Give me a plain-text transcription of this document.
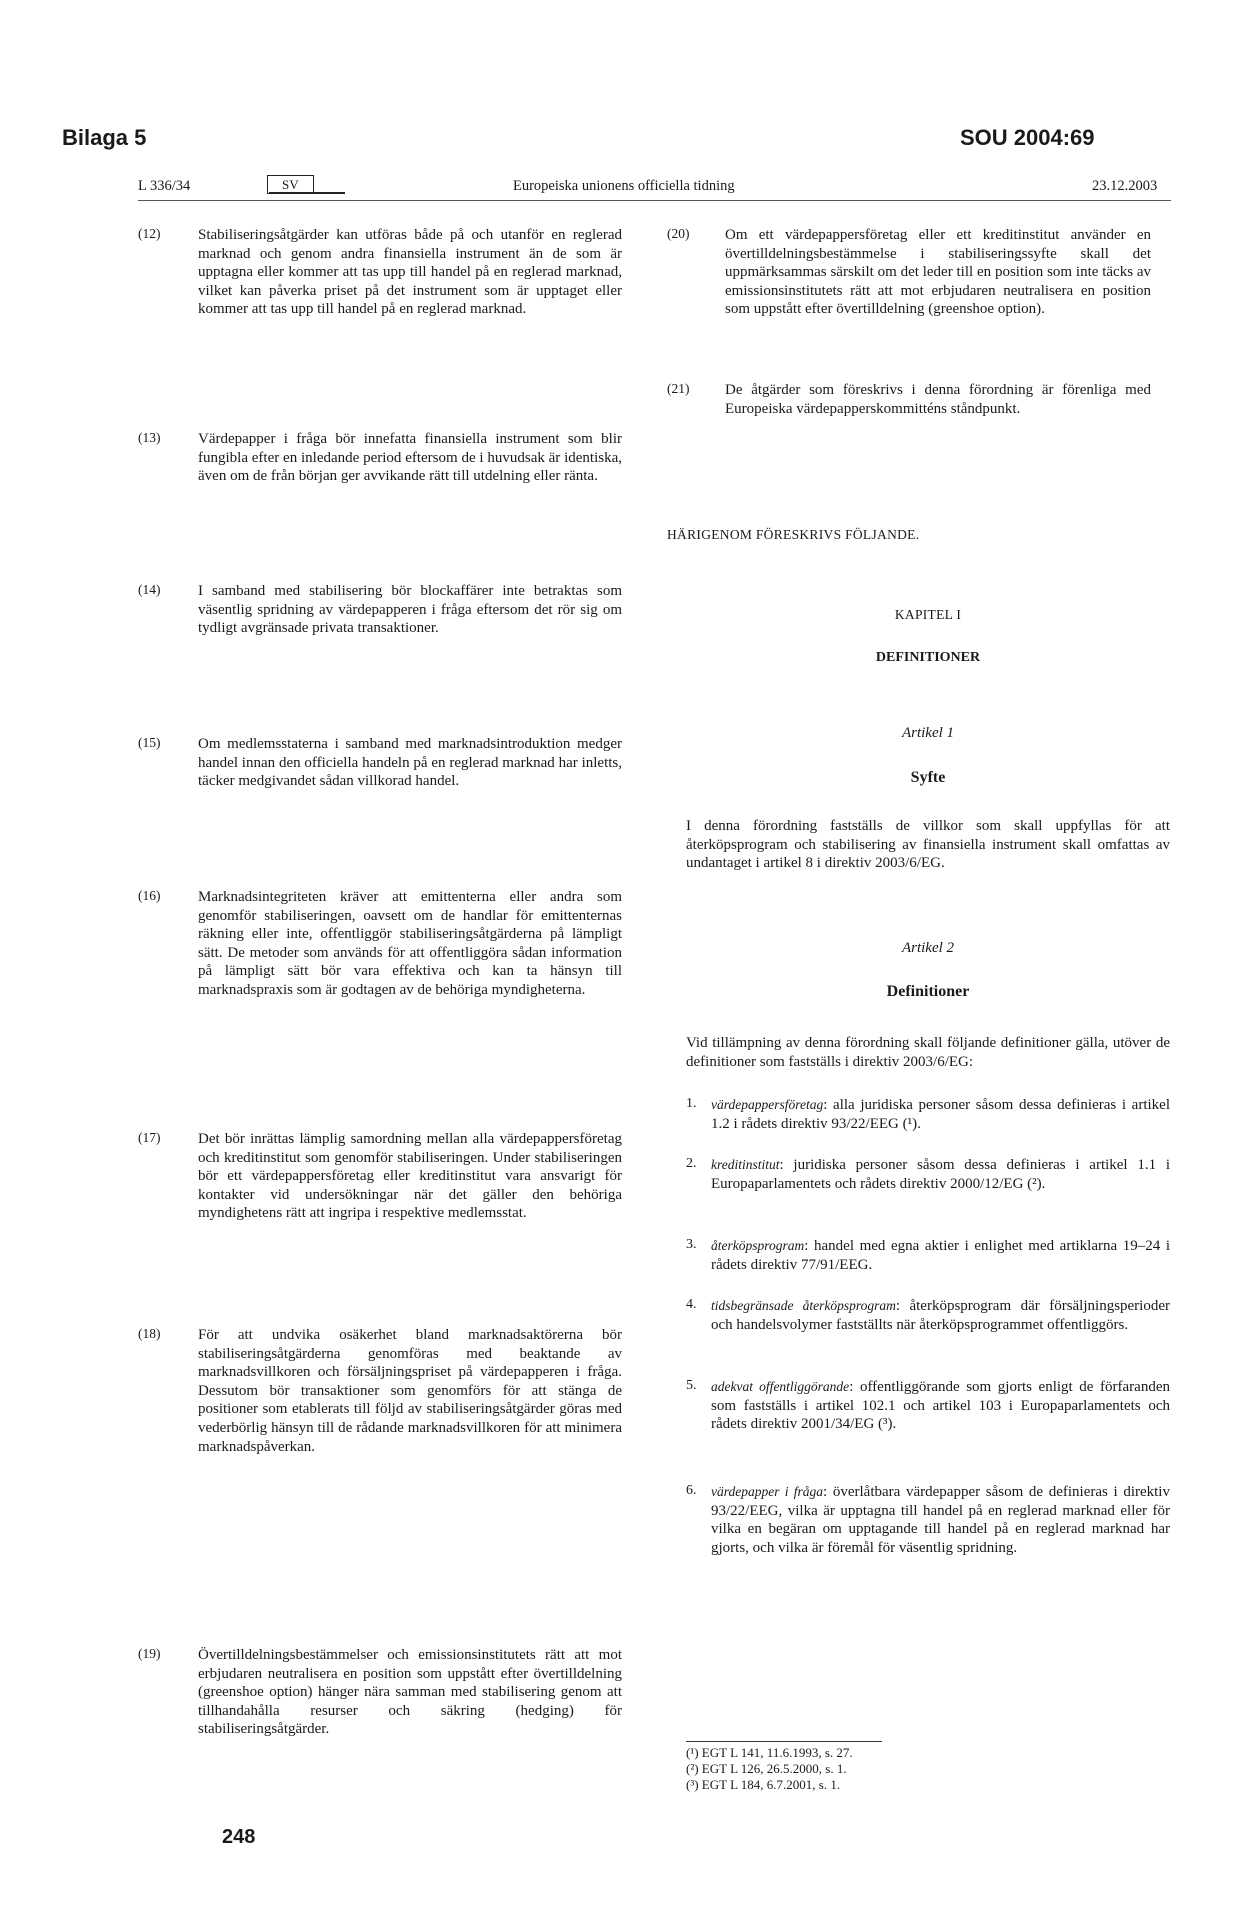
Bilaga 5	SOU 2004:69
L 336/34	SV	Europeiska unionens officiella tidning	23.12.2003
(12)	Stabiliseringsåtgärder kan utföras både på och utanför en reglerad marknad och genom andra finansiella instrument än de som är upptagna eller kommer att tas upp till handel på en reglerad marknad, vilket kan påverka priset på det instrument som är upptaget eller kommer att tas upp till handel på en reglerad marknad.
(13)	Värdepapper i fråga bör innefatta finansiella instrument som blir fungibla efter en inledande period eftersom de i huvudsak är identiska, även om de från början ger avvikande rätt till utdelning eller ränta.
(14)	I samband med stabilisering bör blockaffärer inte betraktas som väsentlig spridning av värdepapperen i fråga eftersom det rör sig om tydligt avgränsade privata transaktioner.
(15)	Om medlemsstaterna i samband med marknadsintroduktion medger handel innan den officiella handeln på en reglerad marknad har inletts, täcker medgivandet sådan villkorad handel.
(16)	Marknadsintegriteten kräver att emittenterna eller andra som genomför stabiliseringen, oavsett om de handlar för emittenternas räkning eller inte, offentliggör stabiliseringsåtgärderna på lämpligt sätt. De metoder som används för att offentliggöra sådan information på lämpligt sätt bör vara effektiva och kan ta hänsyn till marknadspraxis som är godtagen av de behöriga myndigheterna.
(17)	Det bör inrättas lämplig samordning mellan alla värdepappersföretag och kreditinstitut som genomför stabiliseringen. Under stabiliseringen bör ett värdepappersföretag eller kreditinstitut vara ansvarigt för kontakter vid undersökningar när det gäller den behöriga myndighetens rätt att ingripa i respektive medlemsstat.
(18)	För att undvika osäkerhet bland marknadsaktörerna bör stabiliseringsåtgärderna genomföras med beaktande av marknadsvillkoren och försäljningspriset på värdepapperen i fråga. Dessutom bör transaktioner som genomförs för att stänga de positioner som etablerats till följd av stabiliseringsåtgärder göras med vederbörlig hänsyn till de rådande marknadsvillkoren för att minimera marknadspåverkan.
(19)	Övertilldelningsbestämmelser och emissionsinstitutets rätt att mot erbjudaren neutralisera en position som uppstått efter övertilldelning (greenshoe option) hänger nära samman med stabilisering genom att tillhandahålla resurser och säkring (hedging) för stabiliseringsåtgärder.
(20) Om ett värdepappersföretag eller ett kreditinstitut använder en övertilldelningsbestämmelse i stabiliseringssyfte skall det uppmärksammas särskilt om det leder till en position som inte täcks av emissionsinstitutets rätt att mot erbjudaren neutralisera en position som uppstått efter övertilldelning (greenshoe option).
(21) De åtgärder som föreskrivs i denna förordning är förenliga med Europeiska värdepapperskommitténs ståndpunkt.
HÄRIGENOM FÖRESKRIVS FÖLJANDE.
KAPITEL I
DEFINITIONER
Artikel 1
Syfte
I denna förordning fastställs de villkor som skall uppfyllas för att återköpsprogram och stabilisering av finansiella instrument skall omfattas av undantaget i artikel 8 i direktiv 2003/6/EG.
Artikel 2
Definitioner
Vid tillämpning av denna förordning skall följande definitioner gälla, utöver de definitioner som fastställs i direktiv 2003/6/EG:
1. värdepappersföretag: alla juridiska personer såsom dessa definieras i artikel 1.2 i rådets direktiv 93/22/EEG (¹).
2. kreditinstitut: juridiska personer såsom dessa definieras i artikel 1.1 i Europaparlamentets och rådets direktiv 2000/12/EG (²).
3. återköpsprogram: handel med egna aktier i enlighet med artiklarna 19–24 i rådets direktiv 77/91/EEG.
4. tidsbegränsade återköpsprogram: återköpsprogram där försäljningsperioder och handelsvolymer fastställts när återköpsprogrammet offentliggörs.
5. adekvat offentliggörande: offentliggörande som gjorts enligt de förfaranden som fastställs i artikel 102.1 och artikel 103 i Europaparlamentets och rådets direktiv 2001/34/EG (³).
6. värdepapper i fråga: överlåtbara värdepapper såsom de definieras i direktiv 93/22/EEG, vilka är upptagna till handel på en reglerad marknad eller för vilka en begäran om upptagande till handel på en reglerad marknad har gjorts, och vilka är föremål för väsentlig spridning.
(¹) EGT L 141, 11.6.1993, s. 27.
(²) EGT L 126, 26.5.2000, s. 1.
(³) EGT L 184, 6.7.2001, s. 1.
248
